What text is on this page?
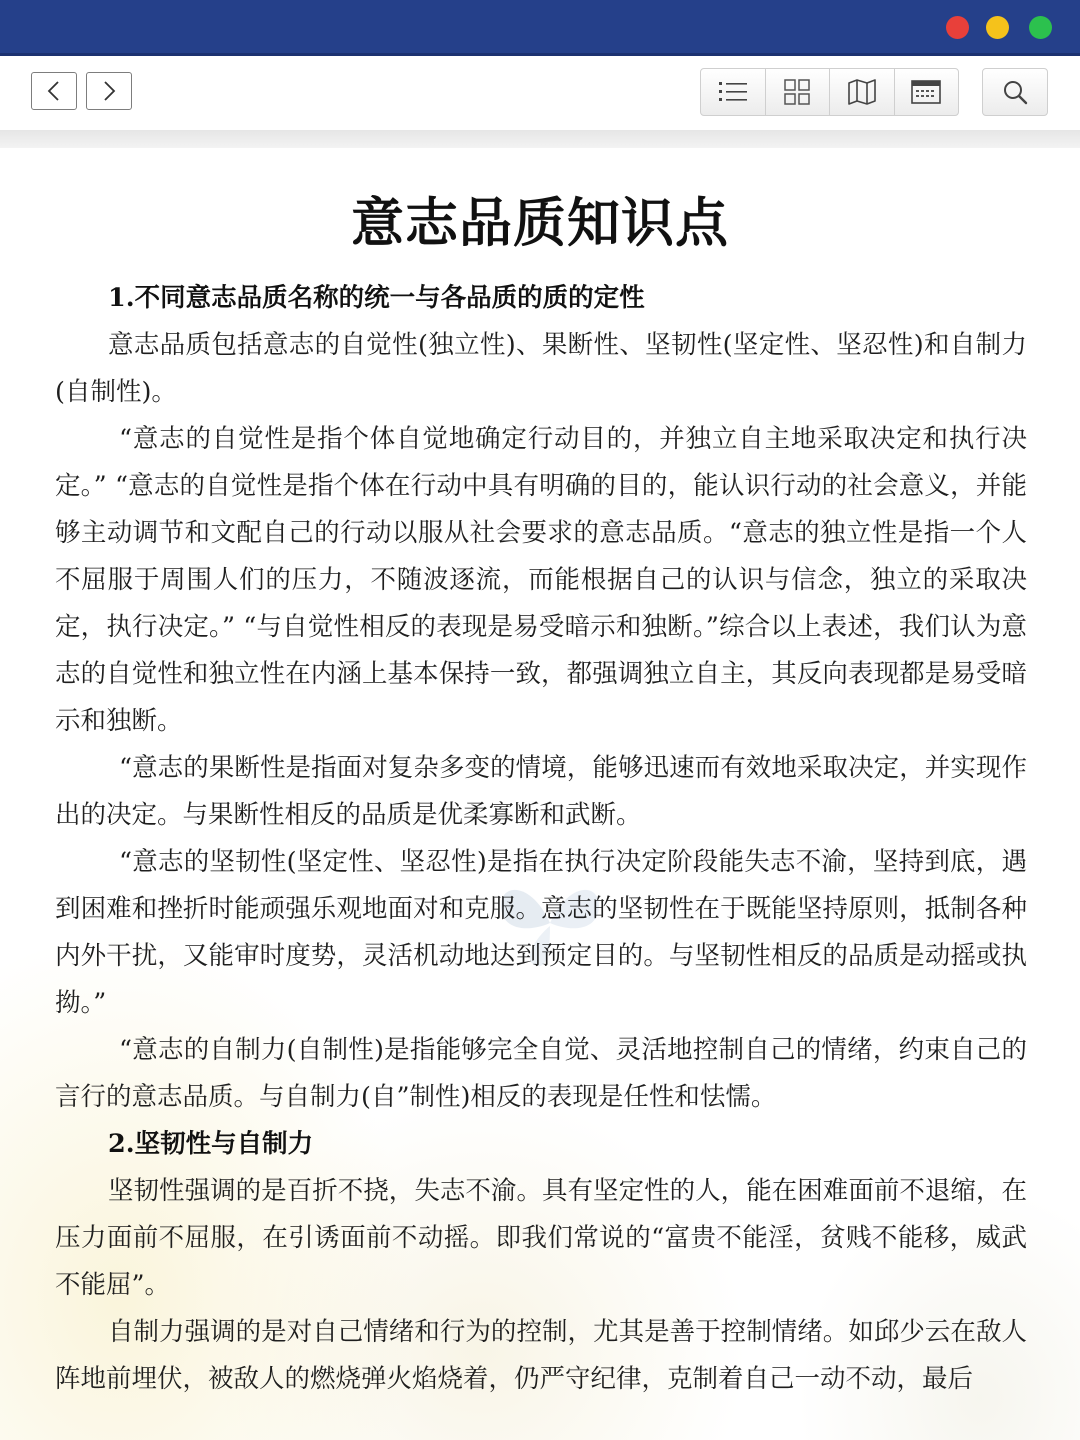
意志品质知识点
1.不同意志品质名称的统一与各品质的质的定性

意志品质包括意志的自觉性(独立性)、果断性、坚韧性(坚定性、坚忍性)和自制力(自制性)。

“意志的自觉性是指个体自觉地确定行动目的，并独立自主地采取决定和执行决定。” “意志的自觉性是指个体在行动中具有明确的目的，能认识行动的社会意义，并能够主动调节和文配自己的行动以服从社会要求的意志品质。“意志的独立性是指一个人不屈服于周围人们的压力，不随波逐流，而能根据自己的认识与信念，独立的采取决定，执行决定。” “与自觉性相反的表现是易受暗示和独断。”综合以上表述，我们认为意志的自觉性和独立性在内涵上基本保持一致，都强调独立自主，其反向表现都是易受暗示和独断。

“意志的果断性是指面对复杂多变的情境，能够迅速而有效地采取决定，并实现作出的决定。与果断性相反的品质是优柔寡断和武断。

“意志的坚韧性(坚定性、坚忍性)是指在执行决定阶段能失志不渝，坚持到底，遇到困难和挫折时能顽强乐观地面对和克服。意志的坚韧性在于既能坚持原则，抵制各种内外干扰，又能审时度势，灵活机动地达到预定目的。与坚韧性相反的品质是动摇或执拗。”

“意志的自制力(自制性)是指能够完全自觉、灵活地控制自己的情绪，约束自己的言行的意志品质。与自制力(自”制性)相反的表现是任性和怯懦。

2.坚韧性与自制力

坚韧性强调的是百折不挠，失志不渝。具有坚定性的人，能在困难面前不退缩，在压力面前不屈服，在引诱面前不动摇。即我们常说的“富贵不能淫，贫贱不能移，威武不能屈”。

自制力强调的是对自己情绪和行为的控制，尤其是善于控制情绪。如邱少云在敌人阵地前埋伏，被敌人的燃烧弹火焰烧着，仍严守纪律，克制着自己一动不动，最后
